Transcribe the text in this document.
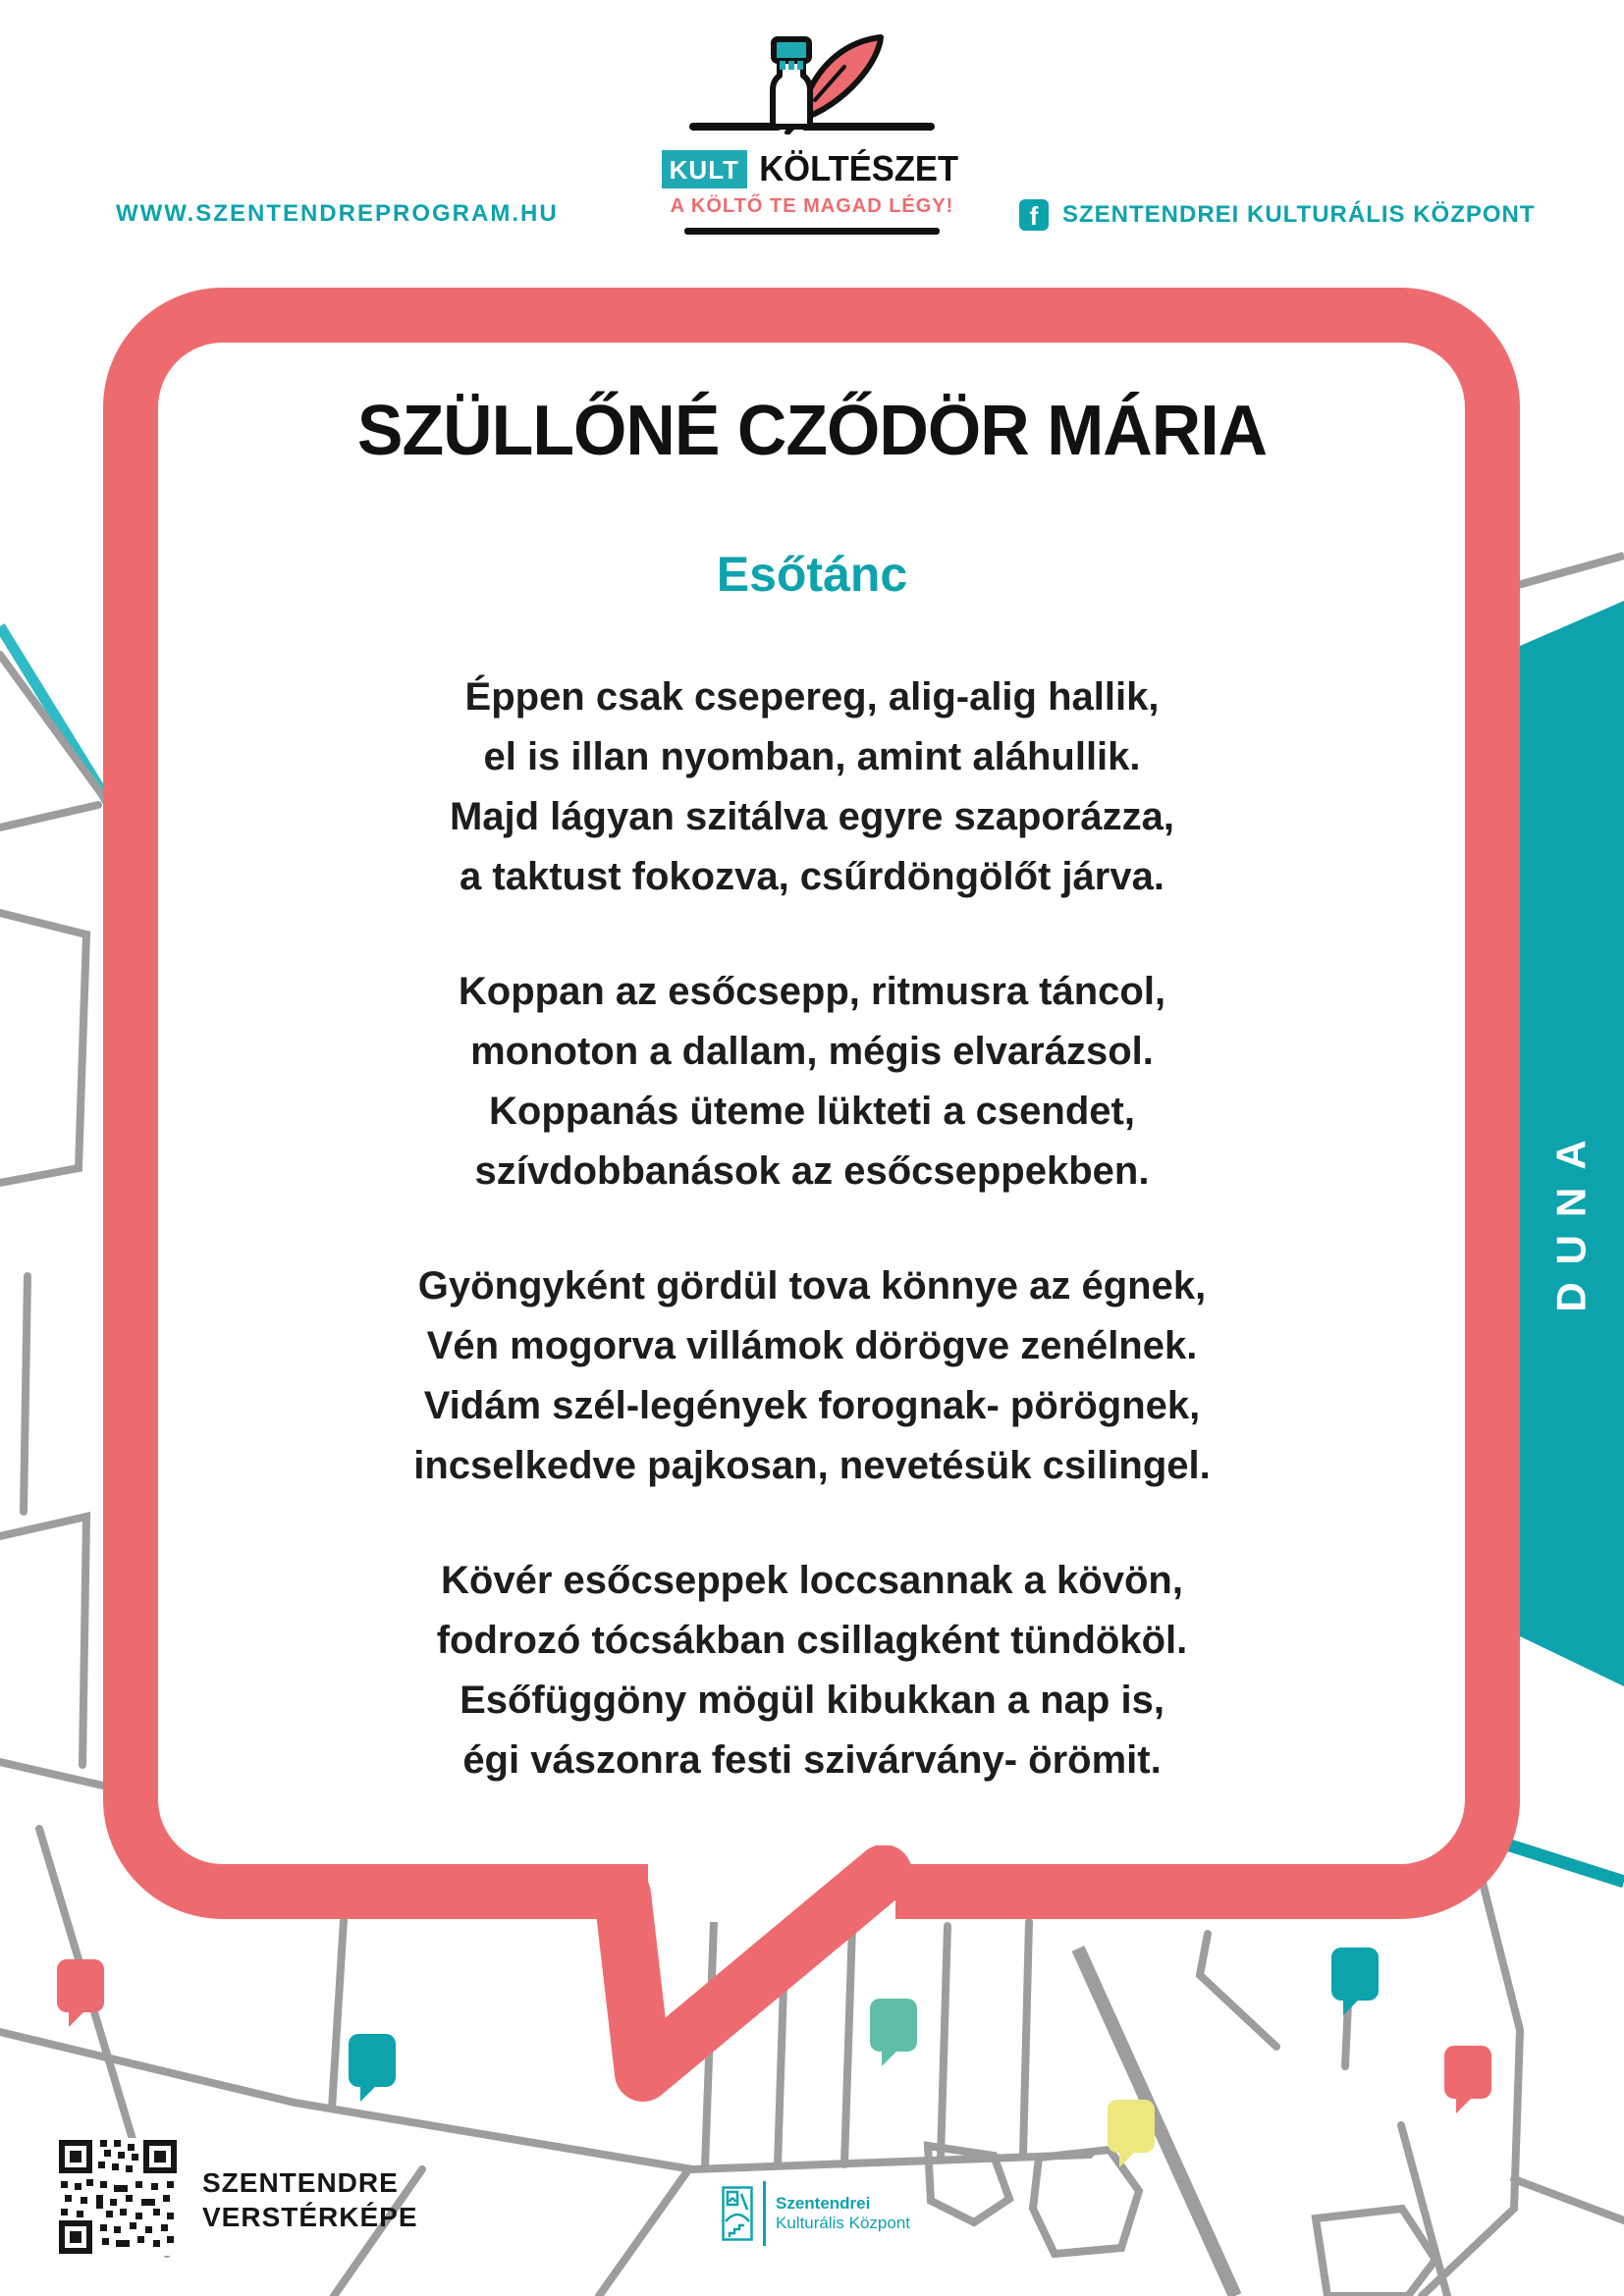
DUNA
KULT KÖLTÉSZET
A KÖLTŐ TE MAGAD LÉGY!
WWW.SZENTENDREPROGRAM.HU	f	SZENTENDREI KULTURÁLIS KÖZPONT
SZÜLLŐNÉ CZŐDÖR MÁRIA
Esőtánc
Éppen csak csepereg, alig-alig hallik,
el is illan nyomban, amint aláhullik.
Majd lágyan szitálva egyre szaporázza,
a taktust fokozva, csűrdöngölőt járva.
Koppan az esőcsepp, ritmusra táncol,
monoton a dallam, mégis elvarázsol.
Koppanás üteme lükteti a csendet,
szívdobbanások az esőcseppekben.
Gyöngyként gördül tova könnye az égnek,
Vén mogorva villámok dörögve zenélnek.
Vidám szél-legények forognak- pörögnek,
incselkedve pajkosan, nevetésük csilingel.
Kövér esőcseppek loccsannak a kövön,
fodrozó tócsákban csillagként tündököl.
Esőfüggöny mögül kibukkan a nap is,
égi vászonra festi szivárvány- örömit.
SZENTENDRE
VERSTÉRKÉPE	Szentendrei
Kulturális Központ
